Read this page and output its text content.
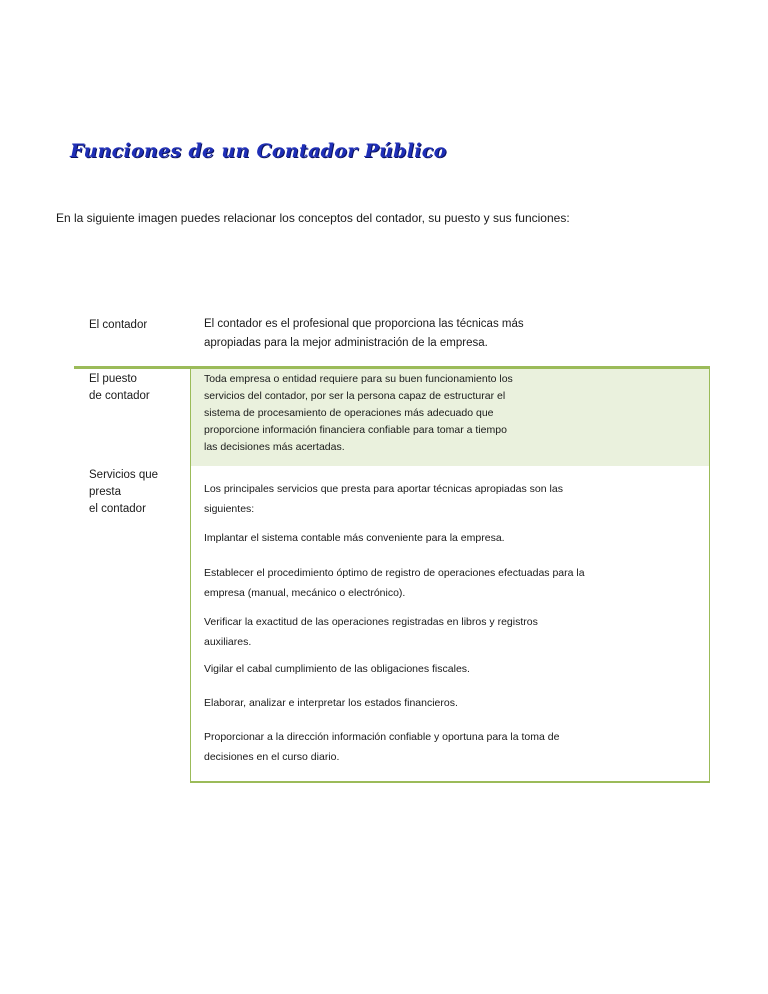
Funciones de un Contador Público
En la siguiente imagen puedes relacionar los conceptos del contador, su puesto y sus funciones:
El contador	El contador es el profesional que proporciona las técnicas más
apropiadas para la mejor administración de la empresa.
El puesto
de contador
Toda empresa o entidad requiere para su buen funcionamiento los
servicios del contador, por ser la persona capaz de estructurar el
sistema de procesamiento de operaciones más adecuado que
proporcione información financiera confiable para tomar a tiempo
las decisiones más acertadas.
Servicios que
presta
el contador
Los principales servicios que presta para aportar técnicas apropiadas son las
siguientes:
Implantar el sistema contable más conveniente para la empresa.
Establecer el procedimiento óptimo de registro de operaciones efectuadas para la
empresa (manual, mecánico o electrónico).
Verificar la exactitud de las operaciones registradas en libros y registros
auxiliares.
Vigilar el cabal cumplimiento de las obligaciones fiscales.
Elaborar, analizar e interpretar los estados financieros.
Proporcionar a la dirección información confiable y oportuna para la toma de
decisiones en el curso diario.
